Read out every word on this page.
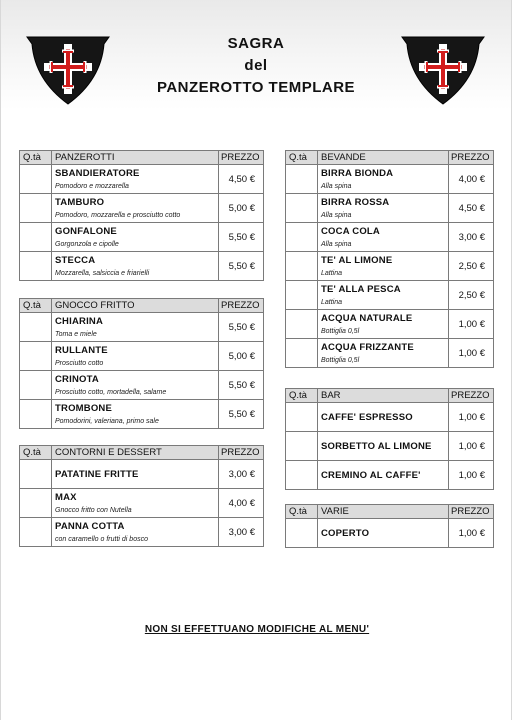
SAGRA
del
PANZEROTTO TEMPLARE
Q.tà	PANZEROTTI	PREZZO

	SBANDIERATORE
Pomodoro e mozzarella	4,50 €

	TAMBURO
Pomodoro, mozzarella e prosciutto cotto	5,00 €

	GONFALONE
Gorgonzola e cipolle	5,50 €

	STECCA
Mozzarella, salsiccia e friarielli	5,50 €
Q.tà	GNOCCO FRITTO	PREZZO

	CHIARINA
Toma e miele	5,50 €

	RULLANTE
Prosciutto cotto	5,00 €

	CRINOTA
Prosciutto cotto, mortadella, salame	5,50 €

	TROMBONE
Pomodorini, valeriana, primo sale	5,50 €
Q.tà	CONTORNI E DESSERT	PREZZO

	PATATINE FRITTE	3,00 €

	MAX
Gnocco fritto con Nutella	4,00 €

	PANNA COTTA
con caramello o frutti di bosco	3,00 €
Q.tà	BEVANDE	PREZZO

	BIRRA BIONDA
Alla spina	4,00 €

	BIRRA ROSSA
Alla spina	4,50 €

	COCA COLA
Alla spina	3,00 €

	TE' AL LIMONE
Lattina	2,50 €

	TE' ALLA PESCA
Lattina	2,50 €

	ACQUA NATURALE
Bottiglia 0,5l	1,00 €

	ACQUA FRIZZANTE
Bottiglia 0,5l	1,00 €
Q.tà	BAR	PREZZO

	CAFFE' ESPRESSO	1,00 €

	SORBETTO AL LIMONE	1,00 €

	CREMINO AL CAFFE'	1,00 €
Q.tà	VARIE	PREZZO

	COPERTO	1,00 €
NON SI EFFETTUANO MODIFICHE AL MENU'
